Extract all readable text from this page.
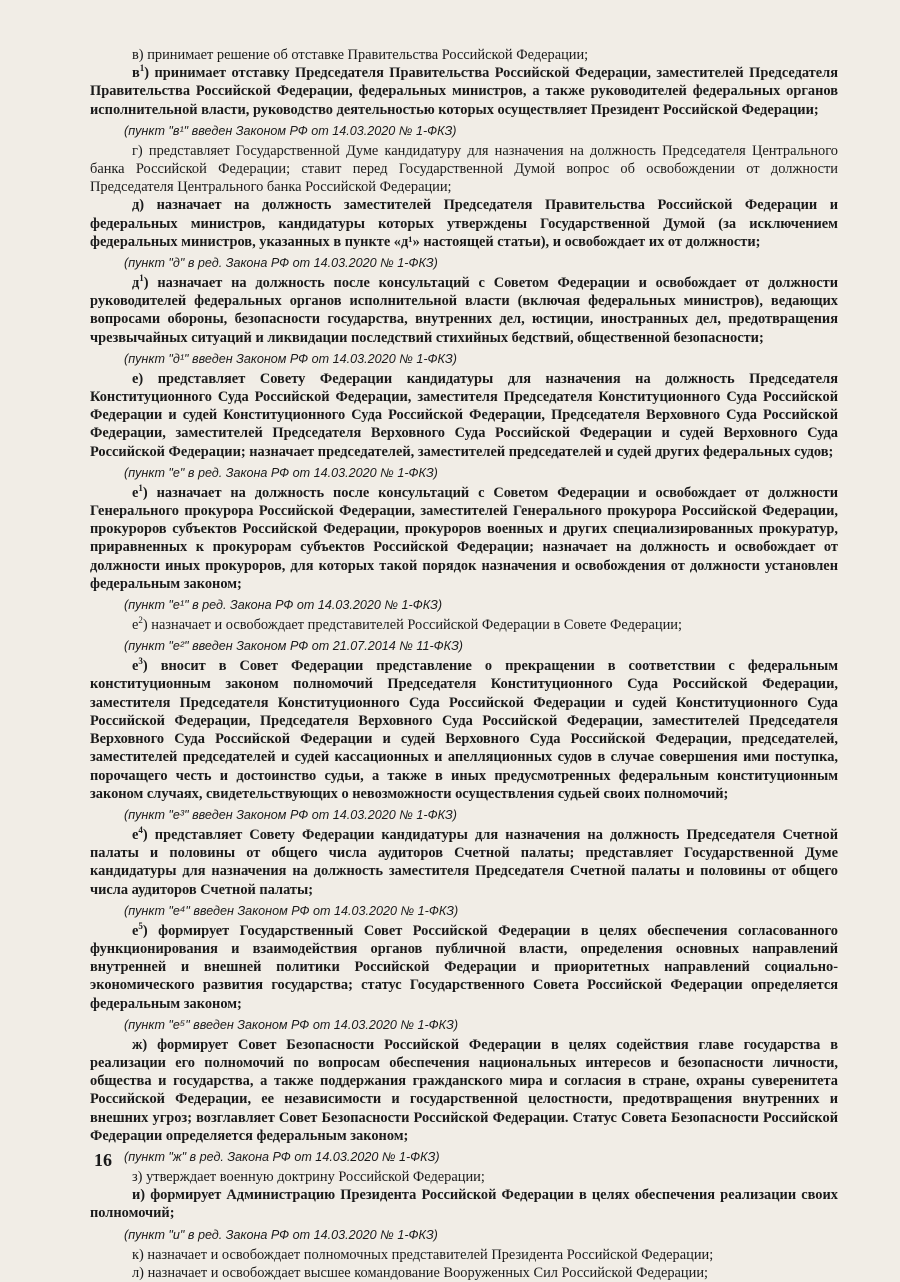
в) принимает решение об отставке Правительства Российской Федерации;

$в^1$) принимает отставку Председателя Правительства Российской Федерации, заместителей Председателя Правительства Российской Федерации, федеральных министров, а также руководителей федеральных органов исполнительной власти, руководство деятельностью которых осуществляет Президент Российской Федерации;

(пункт "в¹" введен Законом РФ от 14.03.2020 № 1-ФКЗ)

г) представляет Государственной Думе кандидатуру для назначения на должность Председателя Центрального банка Российской Федерации; ставит перед Государственной Думой вопрос об освобождении от должности Председателя Центрального банка Российской Федерации;

д) назначает на должность заместителей Председателя Правительства Российской Федерации и федеральных министров, кандидатуры которых утверждены Государственной Думой (за исключением федеральных министров, указанных в пункте «д¹» настоящей статьи), и освобождает их от должности;

(пункт "д" в ред. Закона РФ от 14.03.2020 № 1-ФКЗ)

$д^1$) назначает на должность после консультаций с Советом Федерации и освобождает от должности руководителей федеральных органов исполнительной власти (включая федеральных министров), ведающих вопросами обороны, безопасности государства, внутренних дел, юстиции, иностранных дел, предотвращения чрезвычайных ситуаций и ликвидации последствий стихийных бедствий, общественной безопасности;

(пункт "д¹" введен Законом РФ от 14.03.2020 № 1-ФКЗ)

е) представляет Совету Федерации кандидатуры для назначения на должность Председателя Конституционного Суда Российской Федерации, заместителя Председателя Конституционного Суда Российской Федерации и судей Конституционного Суда Российской Федерации, Председателя Верховного Суда Российской Федерации, заместителей Председателя Верховного Суда Российской Федерации и судей Верховного Суда Российской Федерации; назначает председателей, заместителей председателей и судей других федеральных судов;

(пункт "е" в ред. Закона РФ от 14.03.2020 № 1-ФКЗ)

$е^1$) назначает на должность после консультаций с Советом Федерации и освобождает от должности Генерального прокурора Российской Федерации, заместителей Генерального прокурора Российской Федерации, прокуроров субъектов Российской Федерации, прокуроров военных и других специализированных прокуратур, приравненных к прокурорам субъектов Российской Федерации; назначает на должность и освобождает от должности иных прокуроров, для которых такой порядок назначения и освобождения от должности установлен федеральным законом;

(пункт "е¹" в ред. Закона РФ от 14.03.2020 № 1-ФКЗ)

$е^2$) назначает и освобождает представителей Российской Федерации в Совете Федерации;

(пункт "е²" введен Законом РФ от 21.07.2014 № 11-ФКЗ)

$е^3$) вносит в Совет Федерации представление о прекращении в соответствии с федеральным конституционным законом полномочий Председателя Конституционного Суда Российской Федерации, заместителя Председателя Конституционного Суда Российской Федерации и судей Конституционного Суда Российской Федерации, Председателя Верховного Суда Российской Федерации, заместителей Председателя Верховного Суда Российской Федерации и судей Верховного Суда Российской Федерации, председателей, заместителей председателей и судей кассационных и апелляционных судов в случае совершения ими поступка, порочащего честь и достоинство судьи, а также в иных предусмотренных федеральным конституционным законом случаях, свидетельствующих о невозможности осуществления судьей своих полномочий;

(пункт "е³" введен Законом РФ от 14.03.2020 № 1-ФКЗ)

$е^4$) представляет Совету Федерации кандидатуры для назначения на должность Председателя Счетной палаты и половины от общего числа аудиторов Счетной палаты; представляет Государственной Думе кандидатуры для назначения на должность заместителя Председателя Счетной палаты и половины от общего числа аудиторов Счетной палаты;

(пункт "е⁴" введен Законом РФ от 14.03.2020 № 1-ФКЗ)

$е^5$) формирует Государственный Совет Российской Федерации в целях обеспечения согласованного функционирования и взаимодействия органов публичной власти, определения основных направлений внутренней и внешней политики Российской Федерации и приоритетных направлений социально-экономического развития государства; статус Государственного Совета Российской Федерации определяется федеральным законом;

(пункт "е⁵" введен Законом РФ от 14.03.2020 № 1-ФКЗ)

ж) формирует Совет Безопасности Российской Федерации в целях содействия главе государства в реализации его полномочий по вопросам обеспечения национальных интересов и безопасности личности, общества и государства, а также поддержания гражданского мира и согласия в стране, охраны суверенитета Российской Федерации, ее независимости и государственной целостности, предотвращения внутренних и внешних угроз; возглавляет Совет Безопасности Российской Федерации. Статус Совета Безопасности Российской Федерации определяется федеральным законом;

(пункт "ж" в ред. Закона РФ от 14.03.2020 № 1-ФКЗ)

з) утверждает военную доктрину Российской Федерации;

и) формирует Администрацию Президента Российской Федерации в целях обеспечения реализации своих полномочий;

(пункт "и" в ред. Закона РФ от 14.03.2020 № 1-ФКЗ)

к) назначает и освобождает полномочных представителей Президента Российской Федерации;

л) назначает и освобождает высшее командование Вооруженных Сил Российской Федерации;

16
